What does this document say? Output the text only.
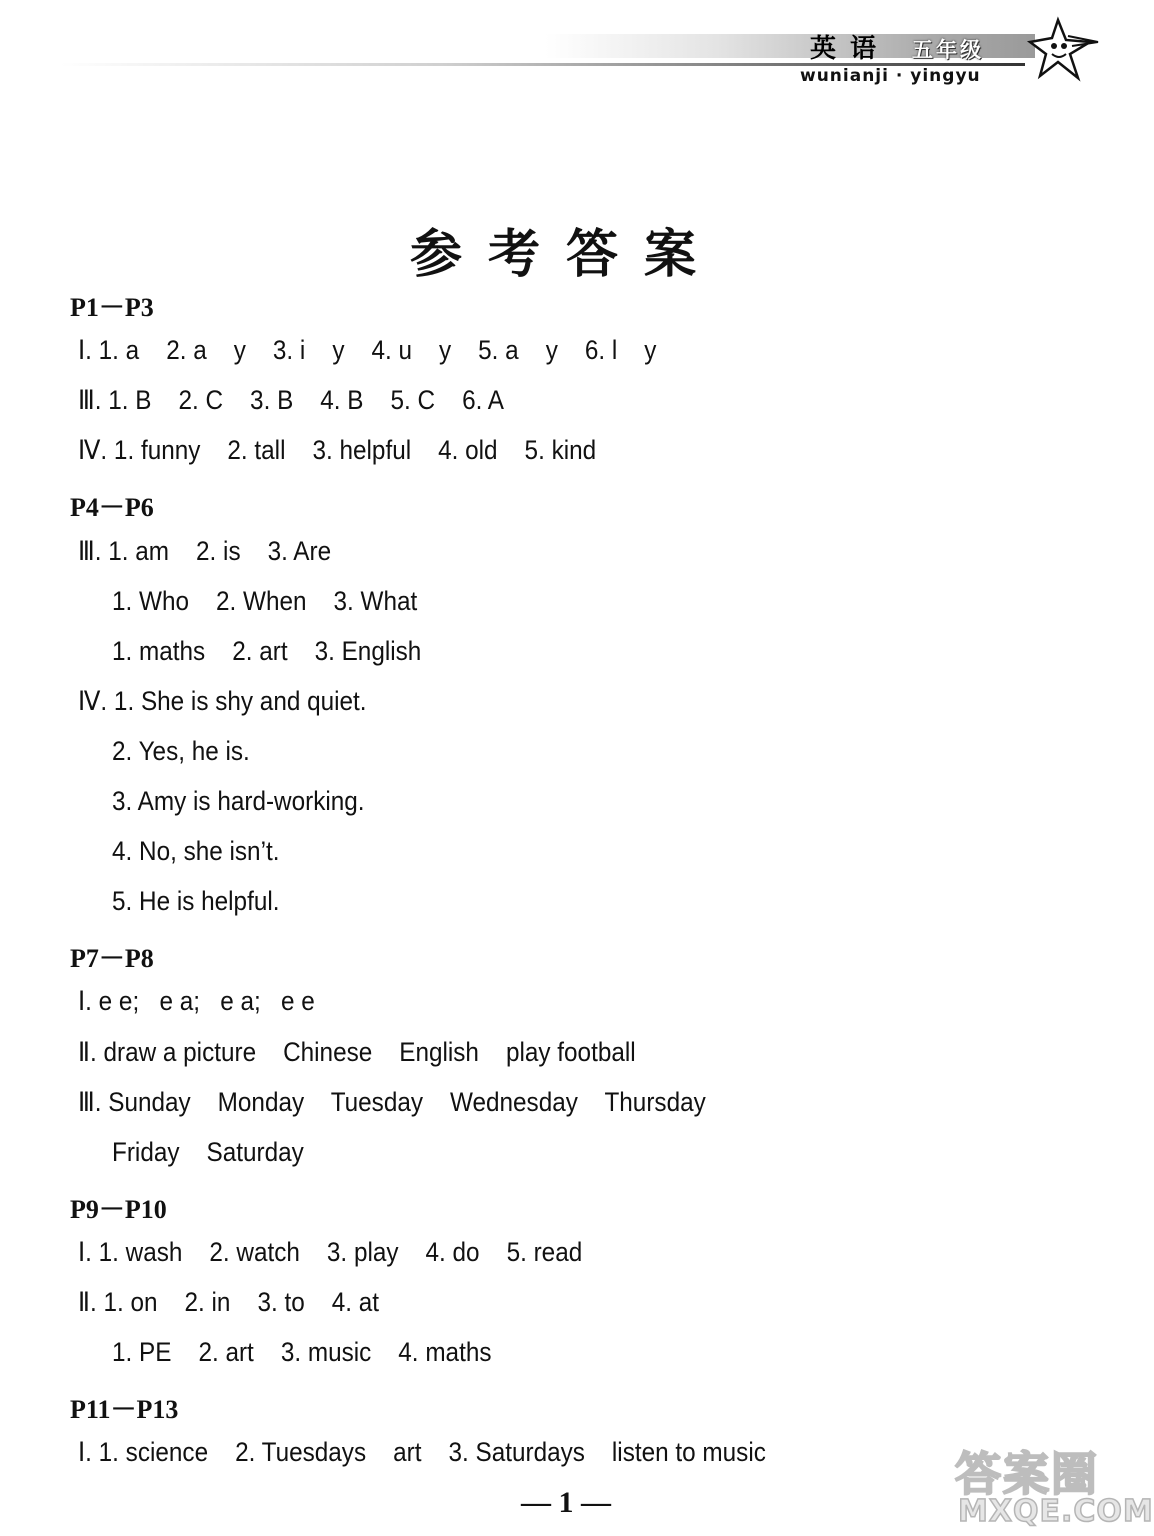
英语 五年级
wunianji · yingyu
参考答案
P1－P3
Ⅰ. 1. a    2. a    y    3. i    y    4. u    y    5. a    y    6. l    y
Ⅲ. 1. B    2. C    3. B    4. B    5. C    6. A
Ⅳ. 1. funny    2. tall    3. helpful    4. old    5. kind
P4－P6
Ⅲ. 1. am    2. is    3. Are
1. Who    2. When    3. What
1. maths    2. art    3. English
Ⅳ. 1. She is shy and quiet.
2. Yes, he is.
3. Amy is hard-working.
4. No, she isn’t.
5. He is helpful.
P7－P8
Ⅰ. e e;   e a;   e a;   e e
Ⅱ. draw a picture    Chinese    English    play football
Ⅲ. Sunday    Monday    Tuesday    Wednesday    Thursday
Friday    Saturday
P9－P10
Ⅰ. 1. wash    2. watch    3. play    4. do    5. read
Ⅱ. 1. on    2. in    3. to    4. at
1. PE    2. art    3. music    4. maths
P11－P13
Ⅰ. 1. science    2. Tuesdays    art    3. Saturdays    listen to music
— 1 —
答案圈
MXQE.COM
